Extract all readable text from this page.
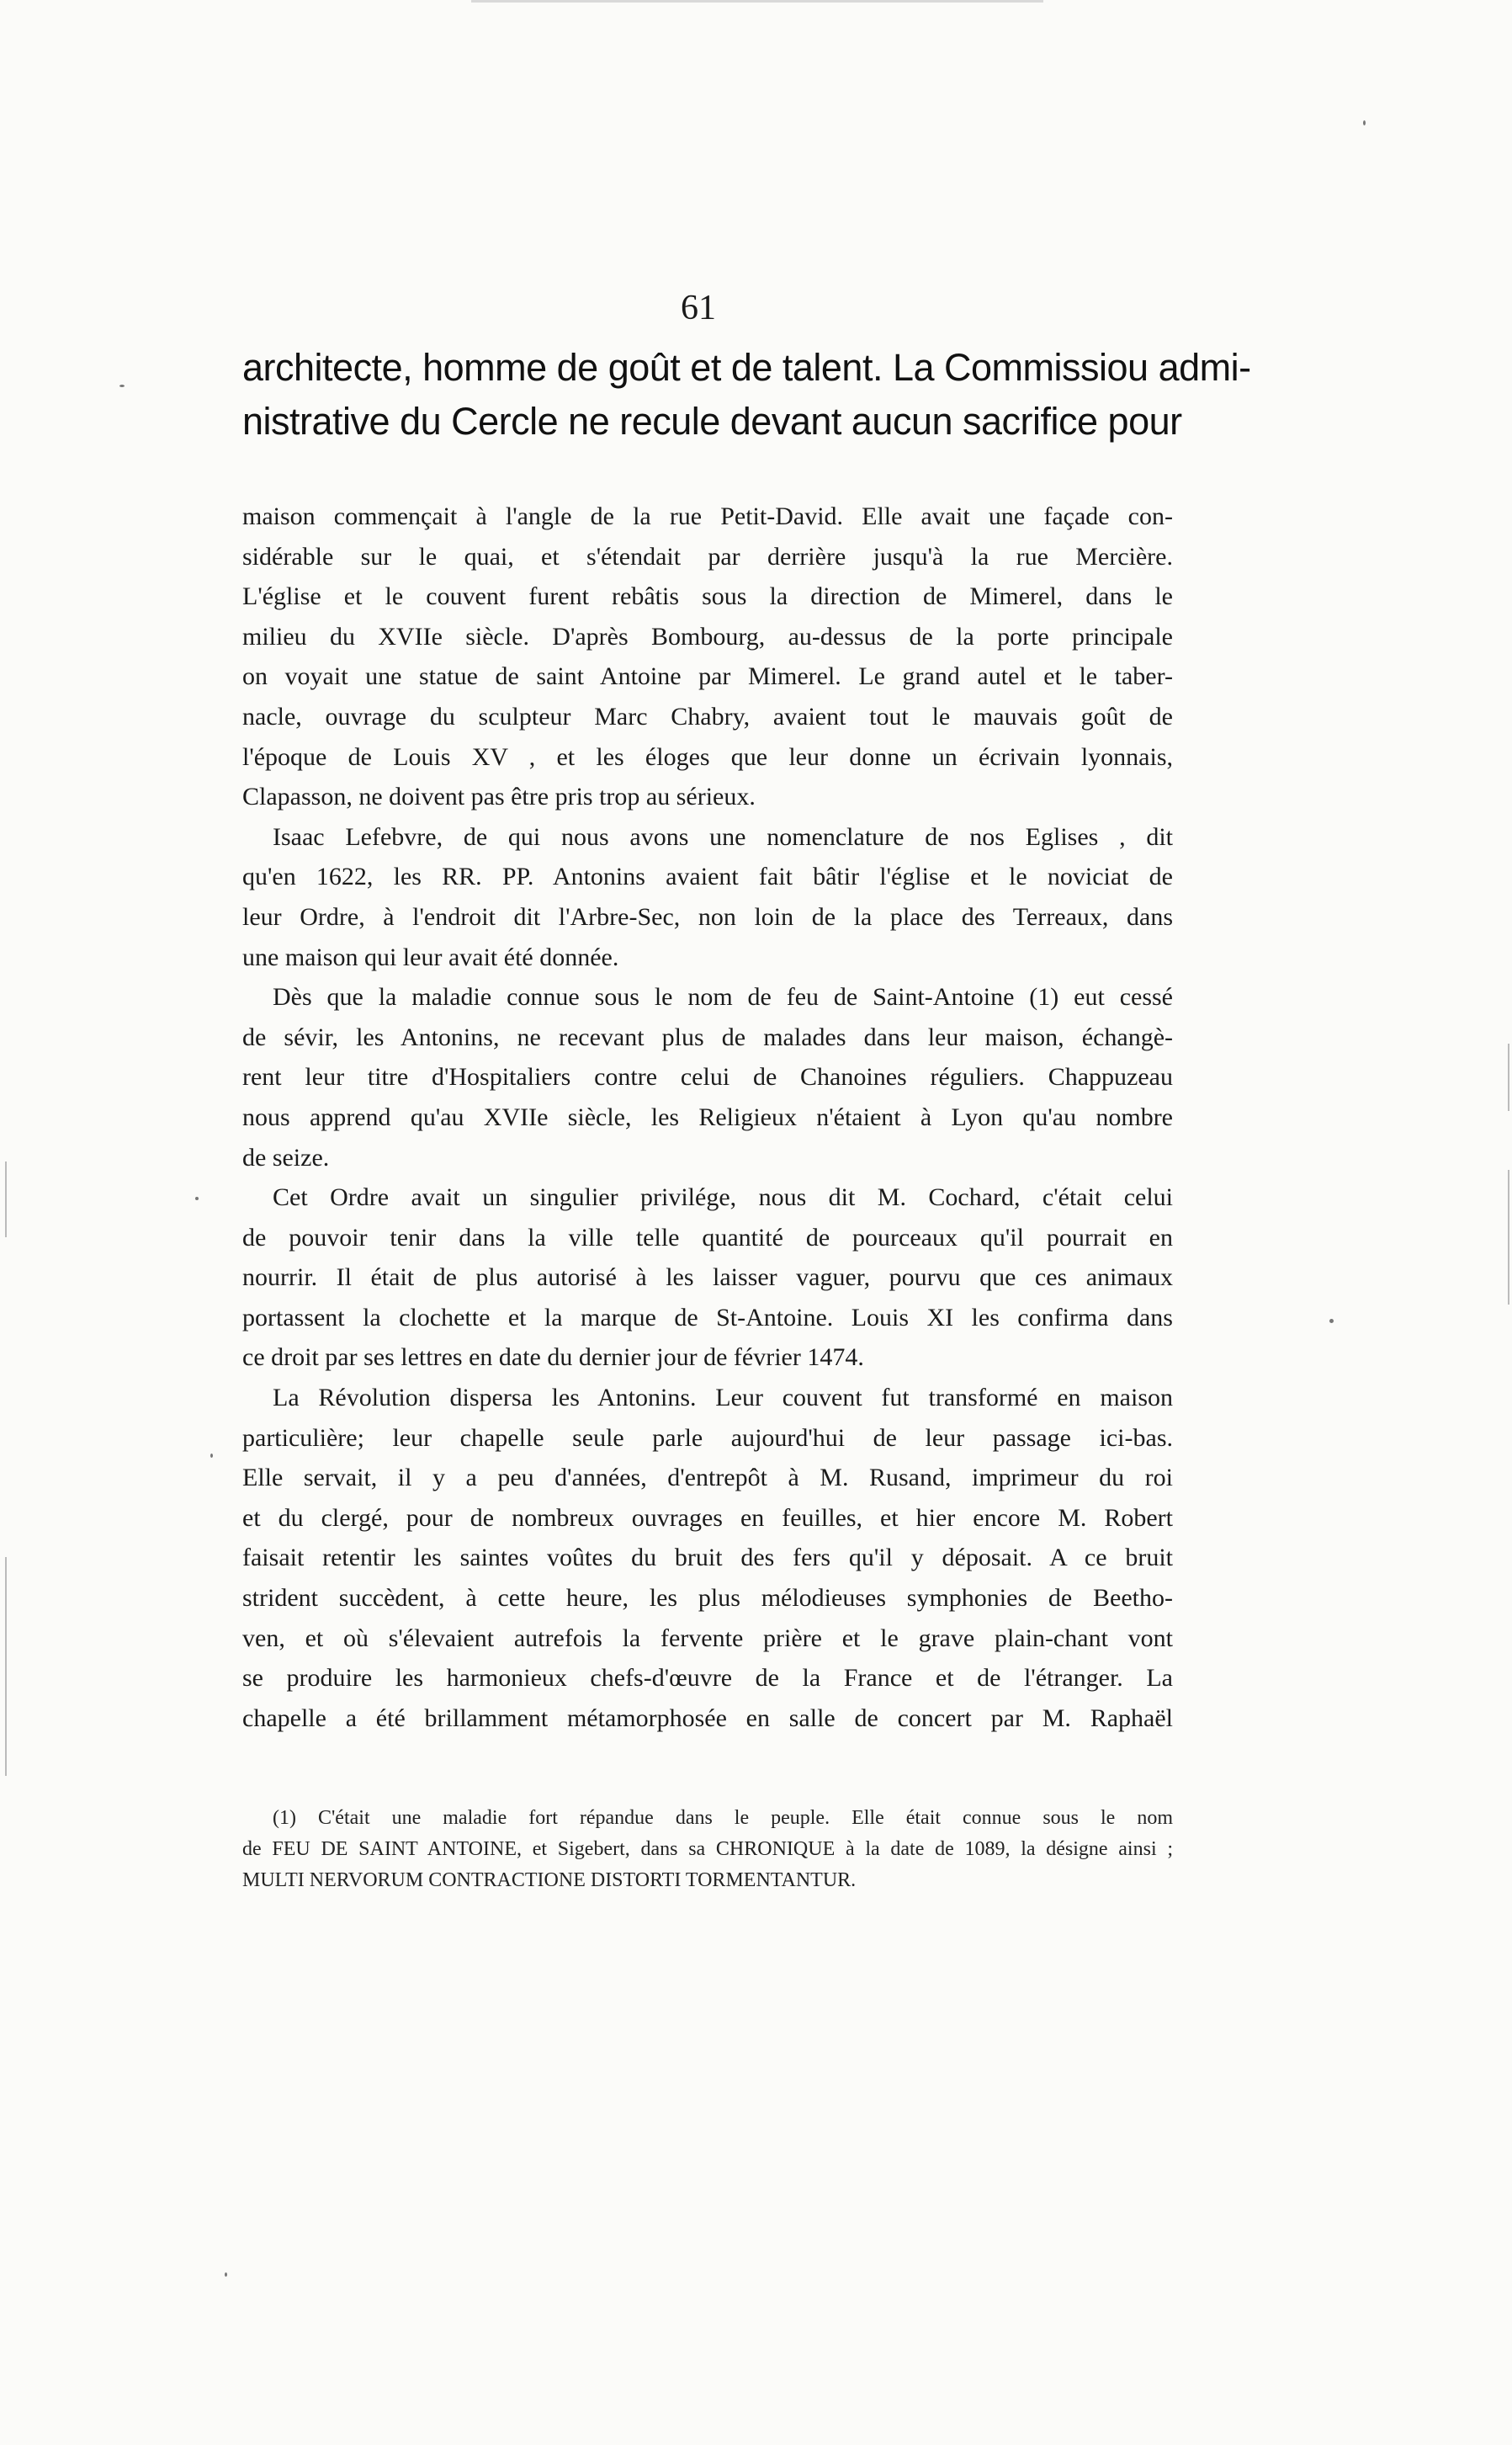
61
architecte, homme de goût et de talent. La Commissiou admi-
nistrative du Cercle ne recule devant aucun sacrifice pour
maison commençait à l'angle de la rue Petit-David. Elle avait une façade con-
sidérable sur le quai, et s'étendait par derrière jusqu'à la rue Mercière.
L'église et le couvent furent rebâtis sous la direction de Mimerel, dans le
milieu du XVIIe siècle. D'après Bombourg, au-dessus de la porte principale
on voyait une statue de saint Antoine par Mimerel. Le grand autel et le taber-
nacle, ouvrage du sculpteur Marc Chabry, avaient tout le mauvais goût de
l'époque de Louis XV , et les éloges que leur donne un écrivain lyonnais,
Clapasson, ne doivent pas être pris trop au sérieux.
Isaac Lefebvre, de qui nous avons une nomenclature de nos Eglises , dit
qu'en 1622, les RR. PP. Antonins avaient fait bâtir l'église et le noviciat de
leur Ordre, à l'endroit dit l'Arbre-Sec, non loin de la place des Terreaux, dans
une maison qui leur avait été donnée.
Dès que la maladie connue sous le nom de feu de Saint-Antoine (1) eut cessé
de sévir, les Antonins, ne recevant plus de malades dans leur maison, échangè-
rent leur titre d'Hospitaliers contre celui de Chanoines réguliers. Chappuzeau
nous apprend qu'au XVIIe siècle, les Religieux n'étaient à Lyon qu'au nombre
de seize.
Cet Ordre avait un singulier privilége, nous dit M. Cochard, c'était celui
de pouvoir tenir dans la ville telle quantité de pourceaux qu'il pourrait en
nourrir. Il était de plus autorisé à les laisser vaguer, pourvu que ces animaux
portassent la clochette et la marque de St-Antoine. Louis XI les confirma dans
ce droit par ses lettres en date du dernier jour de février 1474.
La Révolution dispersa les Antonins. Leur couvent fut transformé en maison
particulière; leur chapelle seule parle aujourd'hui de leur passage ici-bas.
Elle servait, il y a peu d'années, d'entrepôt à M. Rusand, imprimeur du roi
et du clergé, pour de nombreux ouvrages en feuilles, et hier encore M. Robert
faisait retentir les saintes voûtes du bruit des fers qu'il y déposait. A ce bruit
strident succèdent, à cette heure, les plus mélodieuses symphonies de Beetho-
ven, et où s'élevaient autrefois la fervente prière et le grave plain-chant vont
se produire les harmonieux chefs-d'œuvre de la France et de l'étranger. La
chapelle a été brillamment métamorphosée en salle de concert par M. Raphaël
(1) C'était une maladie fort répandue dans le peuple. Elle était connue sous le nom
de FEU DE SAINT ANTOINE, et Sigebert, dans sa CHRONIQUE à la date de 1089, la désigne ainsi ;
MULTI NERVORUM CONTRACTIONE DISTORTI TORMENTANTUR.
